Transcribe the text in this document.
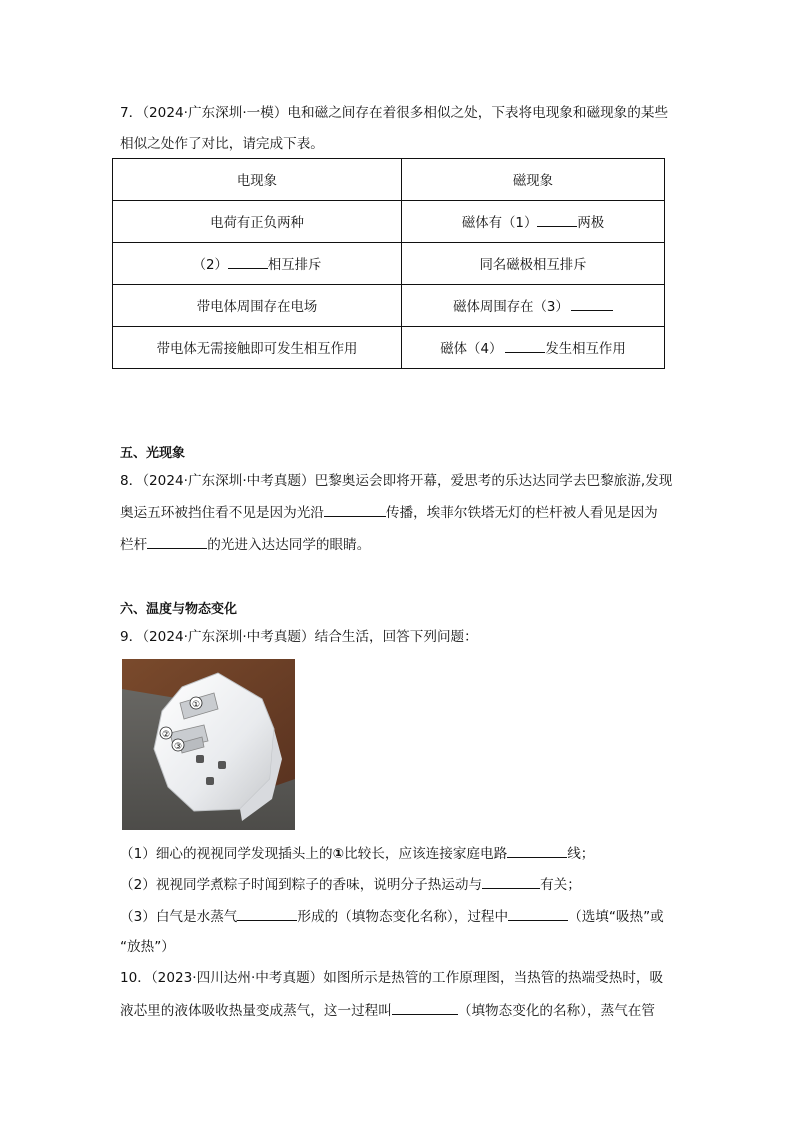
7．（2024·广东深圳·一模）电和磁之间存在着很多相似之处，下表将电现象和磁现象的某些
相似之处作了对比，请完成下表。
电现象	磁现象
电荷有正负两种	磁体有（1） 两极
（2） 相互排斥	同名磁极相互排斥
带电体周围存在电场	磁体周围存在（3）
带电体无需接触即可发生相互作用	磁体（4） 发生相互作用
五、光现象
8．（2024·广东深圳·中考真题）巴黎奥运会即将开幕，爱思考的乐达达同学去巴黎旅游,发现
奥运五环被挡住看不见是因为光沿	传播，埃菲尔铁塔无灯的栏杆被人看见是因为
栏杆	的光进入达达同学的眼睛。
六、温度与物态变化
9．（2024·广东深圳·中考真题）结合生活，回答下列问题：
①
②
③
（1）细心的视视同学发现插头上的①比较长，应该连接家庭电路	线；
（2）视视同学煮粽子时闻到粽子的香味，说明分子热运动与	有关；
（3）白气是水蒸气	形成的（填物态变化名称），过程中	（选填“吸热”或
“放热”）
10．（2023·四川达州·中考真题）如图所示是热管的工作原理图，当热管的热端受热时，吸
液芯里的液体吸收热量变成蒸气，这一过程叫	（填物态变化的名称），蒸气在管
